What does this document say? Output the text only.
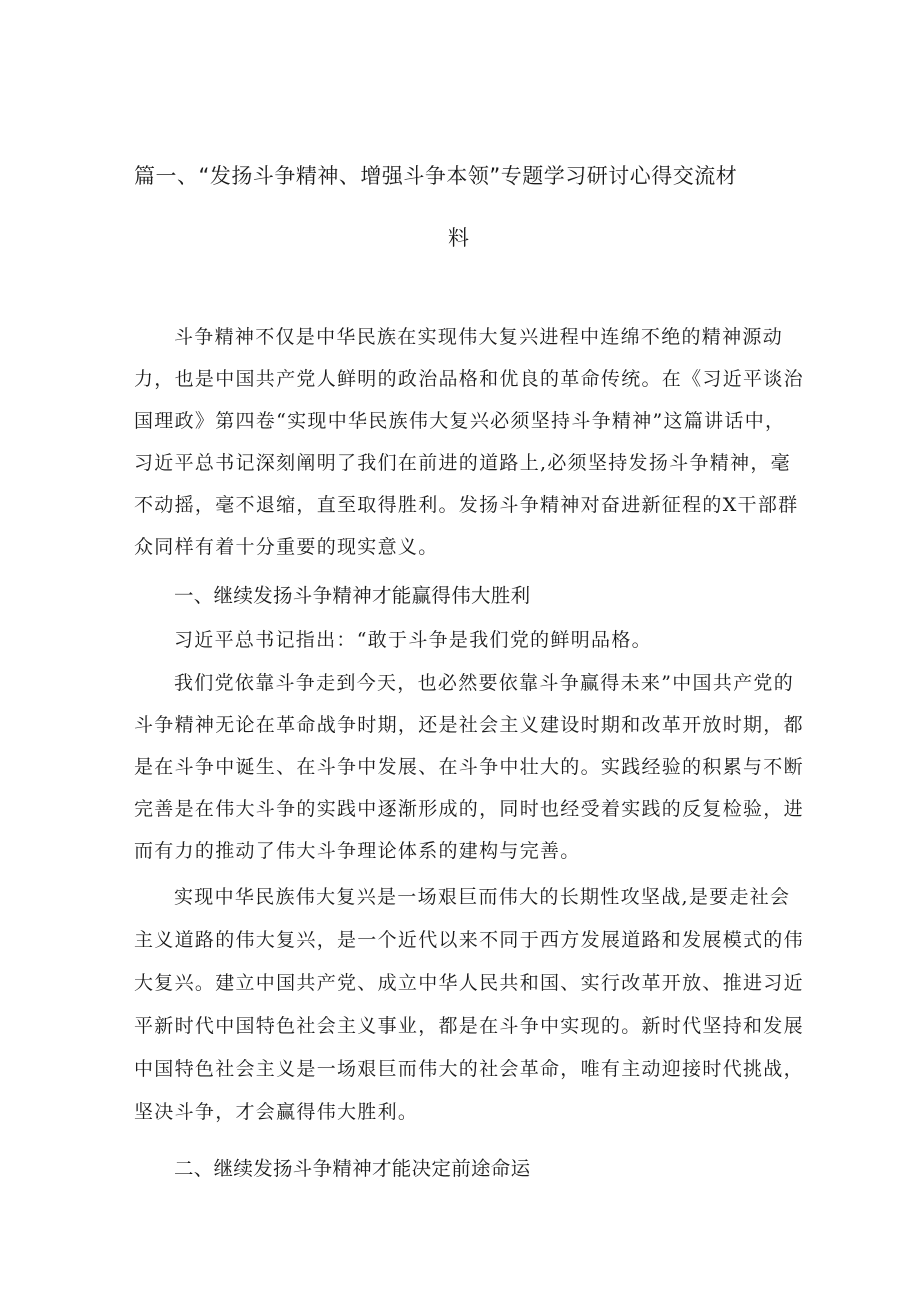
篇一、“发扬斗争精神、增强斗争本领”专题学习研讨心得交流材
料
斗争精神不仅是中华民族在实现伟大复兴进程中连绵不绝的精神源动
力，也是中国共产党人鲜明的政治品格和优良的革命传统。在《习近平谈治
国理政》第四卷“实现中华民族伟大复兴必须坚持斗争精神”这篇讲话中，
习近平总书记深刻阐明了我们在前进的道路上,必须坚持发扬斗争精神，毫
不动摇，毫不退缩，直至取得胜利。发扬斗争精神对奋进新征程的X干部群
众同样有着十分重要的现实意义。
一、继续发扬斗争精神才能赢得伟大胜利
习近平总书记指出：“敢于斗争是我们党的鲜明品格。
我们党依靠斗争走到今天，也必然要依靠斗争赢得未来”中国共产党的
斗争精神无论在革命战争时期，还是社会主义建设时期和改革开放时期，都
是在斗争中诞生、在斗争中发展、在斗争中壮大的。实践经验的积累与不断
完善是在伟大斗争的实践中逐渐形成的，同时也经受着实践的反复检验，进
而有力的推动了伟大斗争理论体系的建构与完善。
实现中华民族伟大复兴是一场艰巨而伟大的长期性攻坚战,是要走社会
主义道路的伟大复兴，是一个近代以来不同于西方发展道路和发展模式的伟
大复兴。建立中国共产党、成立中华人民共和国、实行改革开放、推进习近
平新时代中国特色社会主义事业，都是在斗争中实现的。新时代坚持和发展
中国特色社会主义是一场艰巨而伟大的社会革命，唯有主动迎接时代挑战，
坚决斗争，才会赢得伟大胜利。
二、继续发扬斗争精神才能决定前途命运
